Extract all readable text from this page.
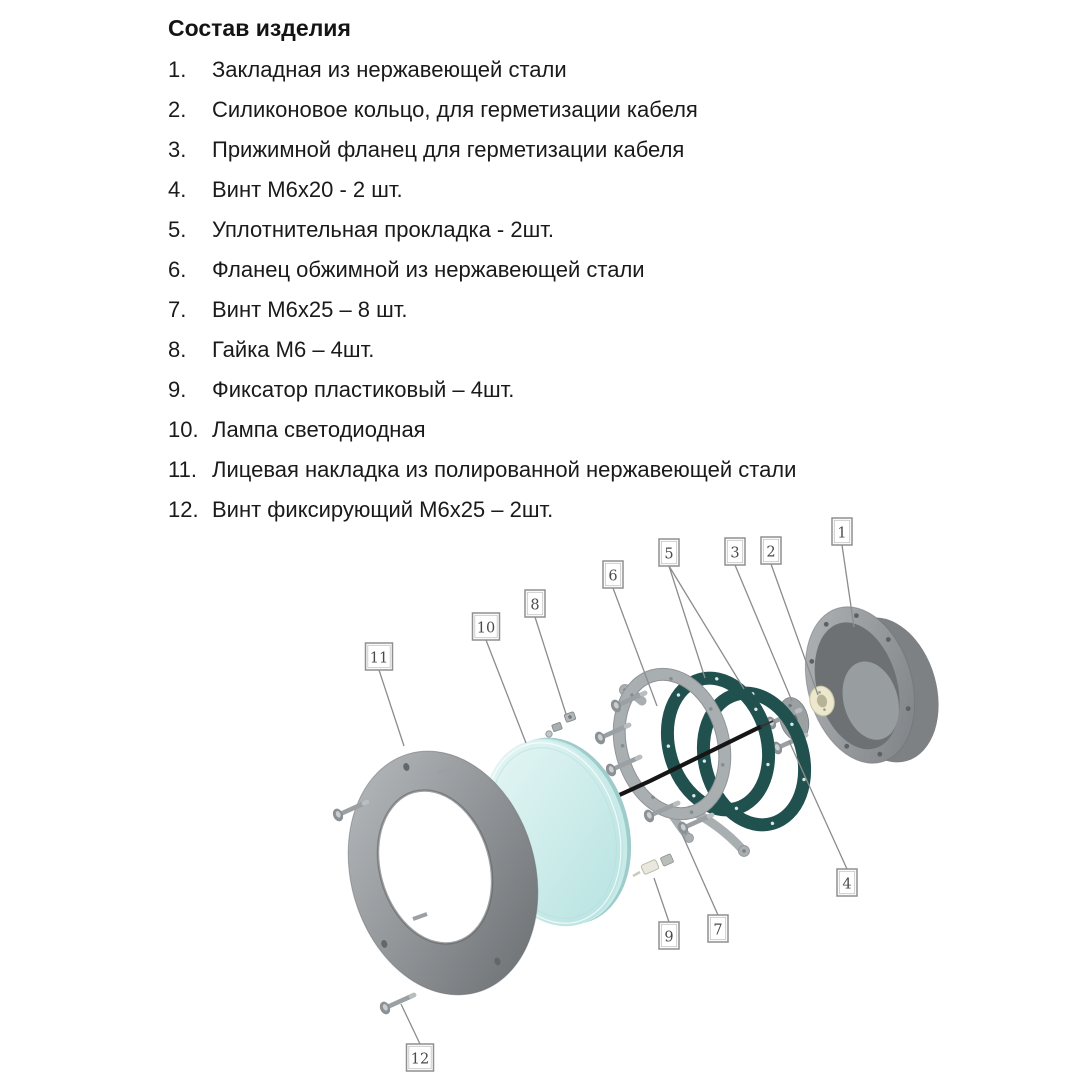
Состав изделия
1.	Закладная из нержавеющей стали
2.	Силиконовое кольцо, для герметизации кабеля
3.	Прижимной фланец для герметизации кабеля
4.	Винт М6х20 - 2 шт.
5.	Уплотнительная прокладка - 2шт.
6.	Фланец обжимной из нержавеющей стали
7.	Винт М6х25 – 8 шт.
8.	Гайка М6 – 4шт.
9.	Фиксатор пластиковый – 4шт.
10. Лампа светодиодная
11. Лицевая накладка из полированной нержавеющей стали
12. Винт фиксирующий М6х25 – 2шт.
1
2
3
5
6
8
10
11
4
7
9
12
